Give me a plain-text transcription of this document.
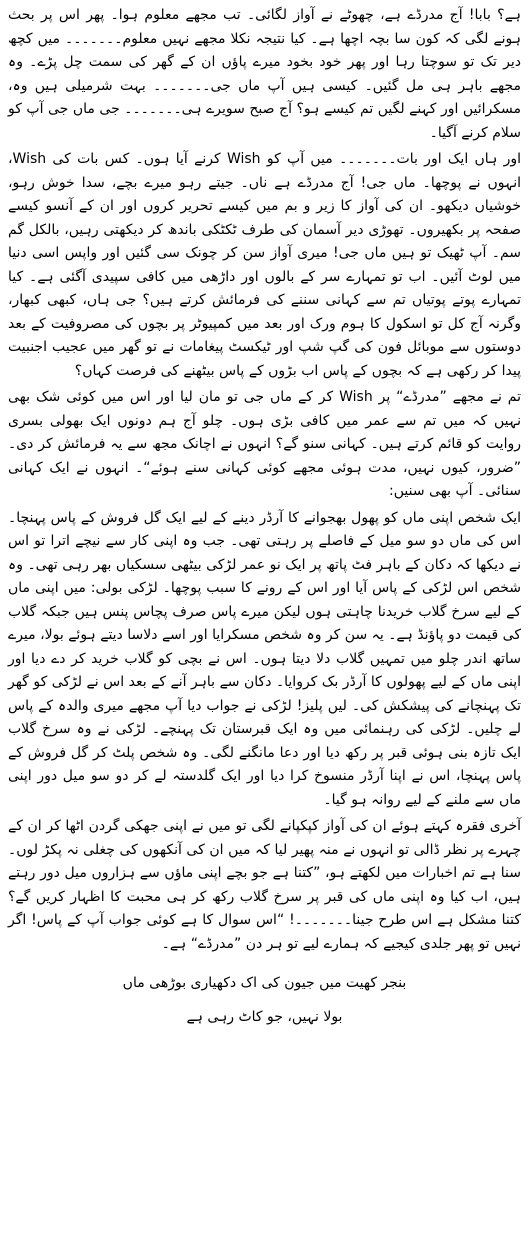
ہے؟ بابا! آج مدرڈے ہے، چھوٹے نے آواز لگائی۔ تب مجھے معلوم ہوا۔ پھر اس پر بحث ہونے لگی کہ کون سا بچہ اچھا ہے۔ کیا نتیجہ نکلا مجھے نہیں معلوم۔۔۔۔۔۔۔ میں کچھ دیر تک تو سوچتا رہا اور پھر خود بخود میرے پاؤں ان کے گھر کی سمت چل پڑے۔ وہ مجھے باہر ہی مل گئیں۔ کیسی ہیں آپ ماں جی۔۔۔۔۔۔۔ بہت شرمیلی ہیں وہ، مسکرائیں اور کہنے لگیں تم کیسے ہو؟ آج صبح سویرے ہی۔۔۔۔۔۔۔ جی ماں جی آپ کو سلام کرنے آگیا۔

اور ہاں ایک اور بات۔۔۔۔۔۔۔ میں آپ کو Wish کرنے آیا ہوں۔ کس بات کی Wish، انہوں نے پوچھا۔ ماں جی! آج مدرڈے ہے ناں۔ جیتے رہو میرے بچے، سدا خوش رہو، خوشیاں دیکھو۔ ان کی آواز کا زیر و بم میں کیسے تحریر کروں اور ان کے آنسو کیسے صفحہ پر بکھیروں۔ تھوڑی دیر آسمان کی طرف ٹکٹکی باندھ کر دیکھتی رہیں، بالکل گم سم۔ آپ ٹھیک تو ہیں ماں جی! میری آواز سن کر چونک سی گئیں اور واپس اسی دنیا میں لوٹ آئیں۔ اب تو تمہارے سر کے بالوں اور داڑھی میں کافی سپیدی آگئی ہے۔ کیا تمہارے پوتے پوتیاں تم سے کہانی سننے کی فرمائش کرتے ہیں؟ جی ہاں، کبھی کبھار، وگرنہ آج کل تو اسکول کا ہوم ورک اور بعد میں کمپیوٹر پر بچوں کی مصروفیت کے بعد دوستوں سے موبائل فون کی گپ شپ اور ٹیکسٹ پیغامات نے تو گھر میں عجیب اجنبیت پیدا کر رکھی ہے کہ بچوں کے پاس اب بڑوں کے پاس بیٹھنے کی فرصت کہاں؟

تم نے مجھے ”مدرڈے“ پر Wish کر کے ماں جی تو مان لیا اور اس میں کوئی شک بھی نہیں کہ میں تم سے عمر میں کافی بڑی ہوں۔ چلو آج ہم دونوں ایک بھولی بسری روایت کو قائم کرتے ہیں۔ کہانی سنو گے؟ انہوں نے اچانک مجھ سے یہ فرمائش کر دی۔ ”ضرور، کیوں نہیں، مدت ہوئی مجھے کوئی کہانی سنے ہوئے“۔ انہوں نے ایک کہانی سنائی۔ آپ بھی سنیں:

ایک شخص اپنی ماں کو پھول بھجوانے کا آرڈر دینے کے لیے ایک گل فروش کے پاس پہنچا۔ اس کی ماں دو سو میل کے فاصلے پر رہتی تھی۔ جب وہ اپنی کار سے نیچے اترا تو اس نے دیکھا کہ دکان کے باہر فٹ پاتھ پر ایک نو عمر لڑکی بیٹھی سسکیاں بھر رہی تھی۔ وہ شخص اس لڑکی کے پاس آیا اور اس کے رونے کا سبب پوچھا۔ لڑکی بولی: میں اپنی ماں کے لیے سرخ گلاب خریدنا چاہتی ہوں لیکن میرے پاس صرف پچاس پنس ہیں جبکہ گلاب کی قیمت دو پاؤنڈ ہے۔ یہ سن کر وہ شخص مسکرایا اور اسے دلاسا دیتے ہوئے بولا، میرے ساتھ اندر چلو میں تمہیں گلاب دلا دیتا ہوں۔ اس نے بچی کو گلاب خرید کر دے دیا اور اپنی ماں کے لیے پھولوں کا آرڈر بک کروایا۔ دکان سے باہر آنے کے بعد اس نے لڑکی کو گھر تک پہنچانے کی پیشکش کی۔ لیں پلیز! لڑکی نے جواب دیا آپ مجھے میری والدہ کے پاس لے چلیں۔ لڑکی کی رہنمائی میں وہ ایک قبرستان تک پہنچے۔ لڑکی نے وہ سرخ گلاب ایک تازہ بنی ہوئی قبر پر رکھ دیا اور دعا مانگنے لگی۔ وہ شخص پلٹ کر گل فروش کے پاس پہنچا، اس نے اپنا آرڈر منسوخ کرا دیا اور ایک گلدستہ لے کر دو سو میل دور اپنی ماں سے ملنے کے لیے روانہ ہو گیا۔

آخری فقرہ کہتے ہوئے ان کی آواز کپکپانے لگی تو میں نے اپنی جھکی گردن اٹھا کر ان کے چہرے پر نظر ڈالی تو انہوں نے منہ پھیر لیا کہ میں ان کی آنکھوں کی چغلی نہ پکڑ لوں۔ سنا ہے تم اخبارات میں لکھتے ہو، ”کتنا ہے جو بچے اپنی ماؤں سے ہزاروں میل دور رہتے ہیں، اب کیا وہ اپنی ماں کی قبر پر سرخ گلاب رکھ کر ہی محبت کا اظہار کریں گے؟ کتنا مشکل ہے اس طرح جینا۔۔۔۔۔۔۔! “اس سوال کا ہے کوئی جواب آپ کے پاس! اگر نہیں تو پھر جلدی کیجیے کہ ہمارے لیے تو ہر دن ”مدرڈے“ ہے۔

بنجر کھیت میں جیون کی اک دکھیاری بوڑھی ماں

بولا نہیں، جو کاٹ رہی ہے
